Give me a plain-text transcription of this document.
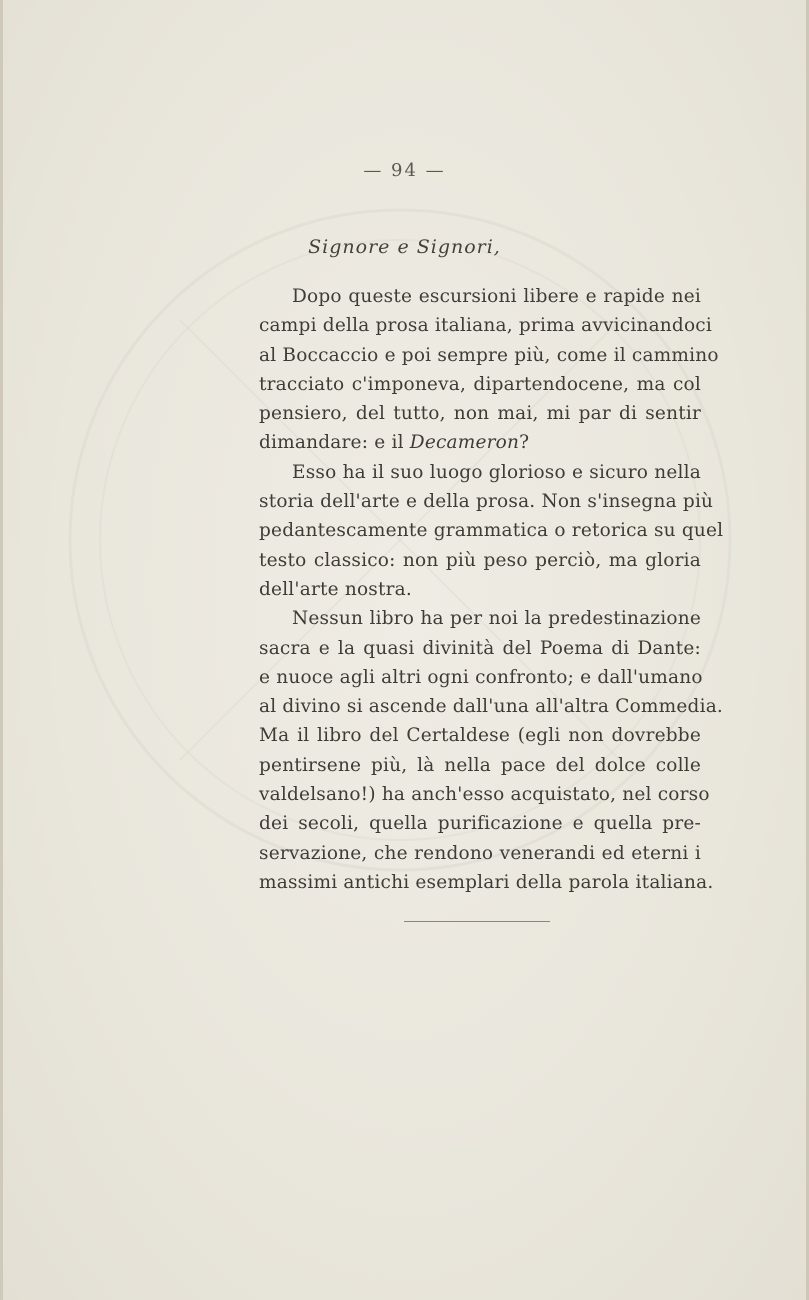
— 94 —
Signore e Signori,
Dopo queste escursioni libere e rapide nei
campi della prosa italiana, prima avvicinandoci
al Boccaccio e poi sempre più, come il cammino
tracciato c'imponeva, dipartendocene, ma col
pensiero, del tutto, non mai, mi par di sentir
dimandare: e il Decameron?
Esso ha il suo luogo glorioso e sicuro nella
storia dell'arte e della prosa. Non s'insegna più
pedantescamente grammatica o retorica su quel
testo classico: non più peso perciò, ma gloria
dell'arte nostra.
Nessun libro ha per noi la predestinazione
sacra e la quasi divinità del Poema di Dante:
e nuoce agli altri ogni confronto; e dall'umano
al divino si ascende dall'una all'altra Commedia.
Ma il libro del Certaldese (egli non dovrebbe
pentirsene più, là nella pace del dolce colle
valdelsano!) ha anch'esso acquistato, nel corso
dei secoli, quella purificazione e quella pre-
servazione, che rendono venerandi ed eterni i
massimi antichi esemplari della parola italiana.
